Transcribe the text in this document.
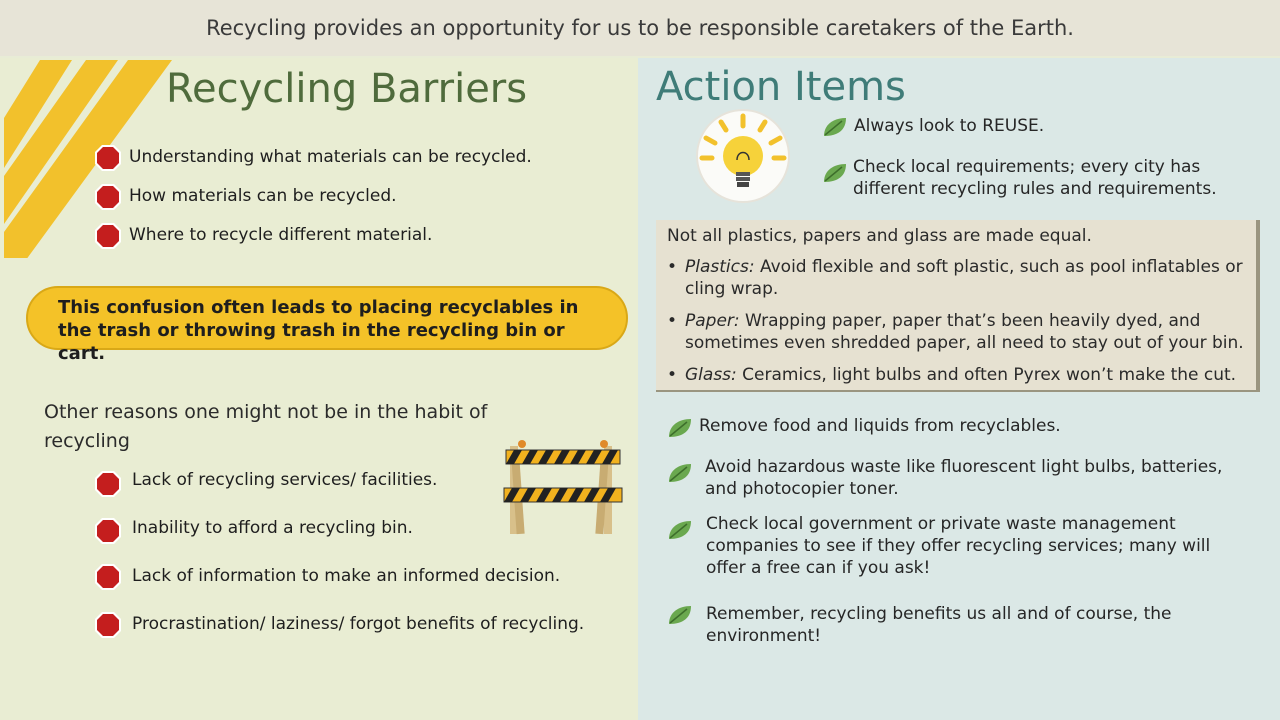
Recycling provides an opportunity for us to be responsible caretakers of the Earth.
Recycling Barriers
Understanding what materials can be recycled.
How materials can be recycled.
Where to recycle different material.
This confusion often leads to placing recyclables in the trash or throwing trash in the recycling bin or cart.
Other reasons one might not be in the habit of recycling
Lack of recycling services/ facilities.
Inability to afford a recycling bin.
Lack of information to make an informed decision.
Procrastination/ laziness/ forgot benefits of recycling.
Action Items
Always look to REUSE.
Check local requirements; every city has different recycling rules and requirements.
Not all plastics, papers and glass are made equal.
• Plastics: Avoid flexible and soft plastic, such as pool inflatables or cling wrap.
• Paper: Wrapping paper, paper that’s been heavily dyed, and sometimes even shredded paper, all need to stay out of your bin.
• Glass: Ceramics, light bulbs and often Pyrex won’t make the cut.
Remove food and liquids from recyclables.
Avoid hazardous waste like fluorescent light bulbs, batteries, and photocopier toner.
Check local government or private waste management companies to see if they offer recycling services; many will offer a free can if you ask!
Remember, recycling benefits us all and of course, the environment!
